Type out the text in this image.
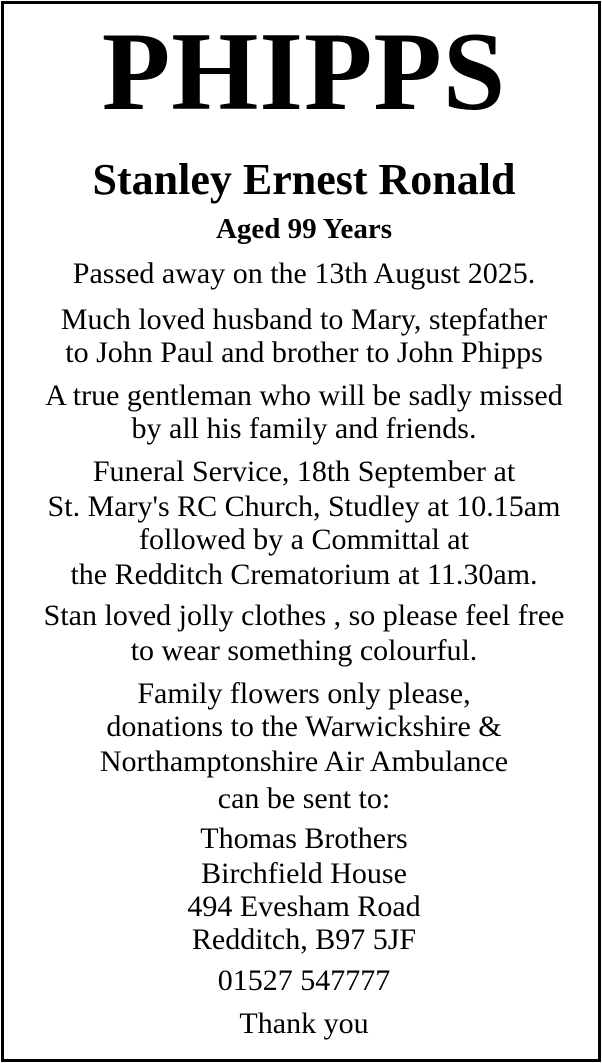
PHIPPS
Stanley Ernest Ronald
Aged 99 Years
Passed away on the 13th August 2025.
Much loved husband to Mary, stepfather
to John Paul and brother to John Phipps
A true gentleman who will be sadly missed
by all his family and friends.
Funeral Service, 18th September at
St. Mary's RC Church, Studley at 10.15am
followed by a Committal at
the Redditch Crematorium at 11.30am.
Stan loved jolly clothes , so please feel free
to wear something colourful.
Family flowers only please,
donations to the Warwickshire &
Northamptonshire Air Ambulance
can be sent to:
Thomas Brothers
Birchfield House
494 Evesham Road
Redditch, B97 5JF
01527 547777
Thank you
